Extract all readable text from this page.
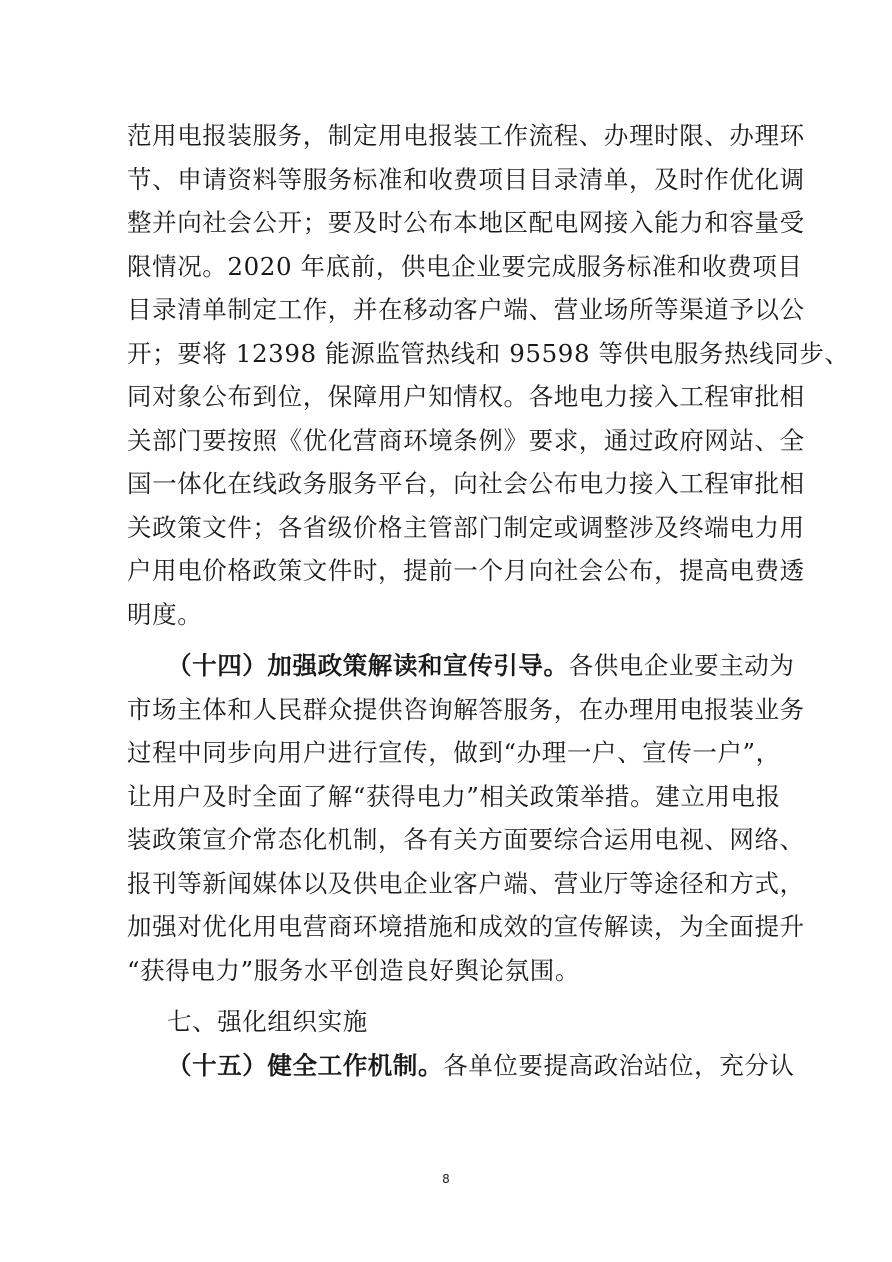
范用电报装服务，制定用电报装工作流程、办理时限、办理环
节、申请资料等服务标准和收费项目目录清单，及时作优化调
整并向社会公开；要及时公布本地区配电网接入能力和容量受
限情况。2020 年底前，供电企业要完成服务标准和收费项目
目录清单制定工作，并在移动客户端、营业场所等渠道予以公
开；要将 12398 能源监管热线和 95598 等供电服务热线同步、
同对象公布到位，保障用户知情权。各地电力接入工程审批相
关部门要按照《优化营商环境条例》要求，通过政府网站、全
国一体化在线政务服务平台，向社会公布电力接入工程审批相
关政策文件；各省级价格主管部门制定或调整涉及终端电力用
户用电价格政策文件时，提前一个月向社会公布，提高电费透
明度。
（十四）加强政策解读和宣传引导。各供电企业要主动为
市场主体和人民群众提供咨询解答服务，在办理用电报装业务
过程中同步向用户进行宣传，做到“办理一户、宣传一户”，
让用户及时全面了解“获得电力”相关政策举措。建立用电报
装政策宣介常态化机制，各有关方面要综合运用电视、网络、
报刊等新闻媒体以及供电企业客户端、营业厅等途径和方式，
加强对优化用电营商环境措施和成效的宣传解读，为全面提升
“获得电力”服务水平创造良好舆论氛围。
七、强化组织实施
（十五）健全工作机制。各单位要提高政治站位，充分认
8
